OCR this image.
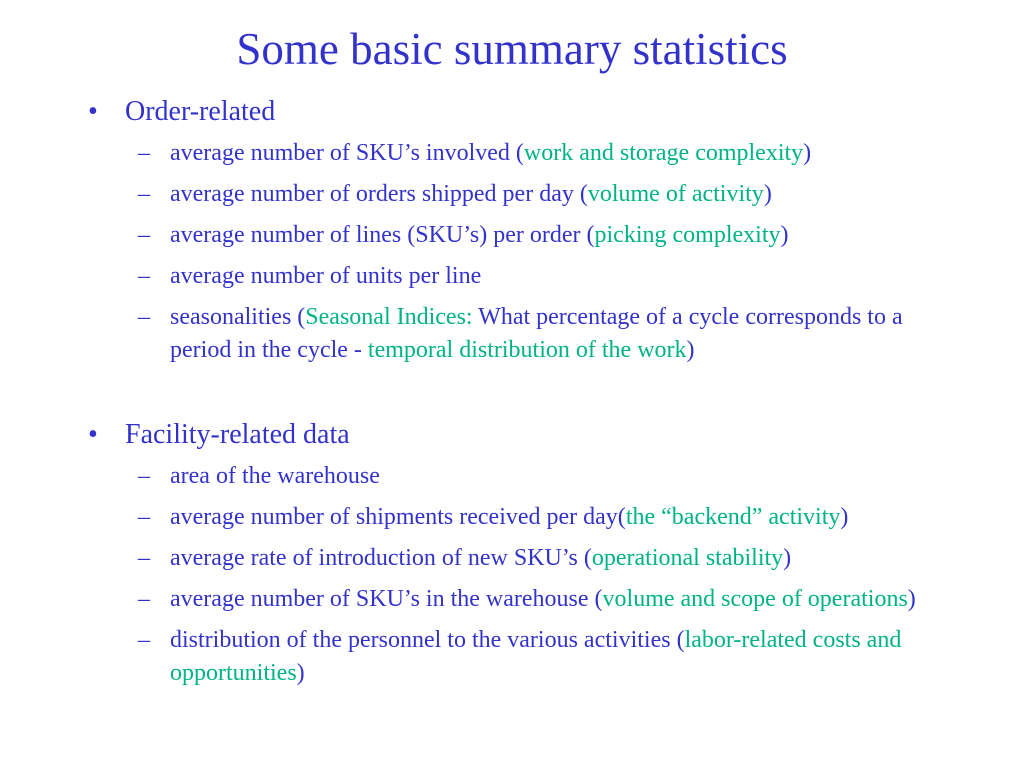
Some basic summary statistics
• Order-related
– average number of SKU’s involved (work and storage complexity)
– average number of orders shipped per day (volume of activity)
– average number of lines (SKU’s) per order (picking complexity)
– average number of units per line
– seasonalities (Seasonal Indices: What percentage of a cycle corresponds to a period in the cycle - temporal distribution of the work)
• Facility-related data
– area of the warehouse
– average number of shipments received per day(the “backend” activity)
– average rate of introduction of new SKU’s (operational stability)
– average number of SKU’s in the warehouse (volume and scope of operations)
– distribution of the personnel to the various activities (labor-related costs and opportunities)
